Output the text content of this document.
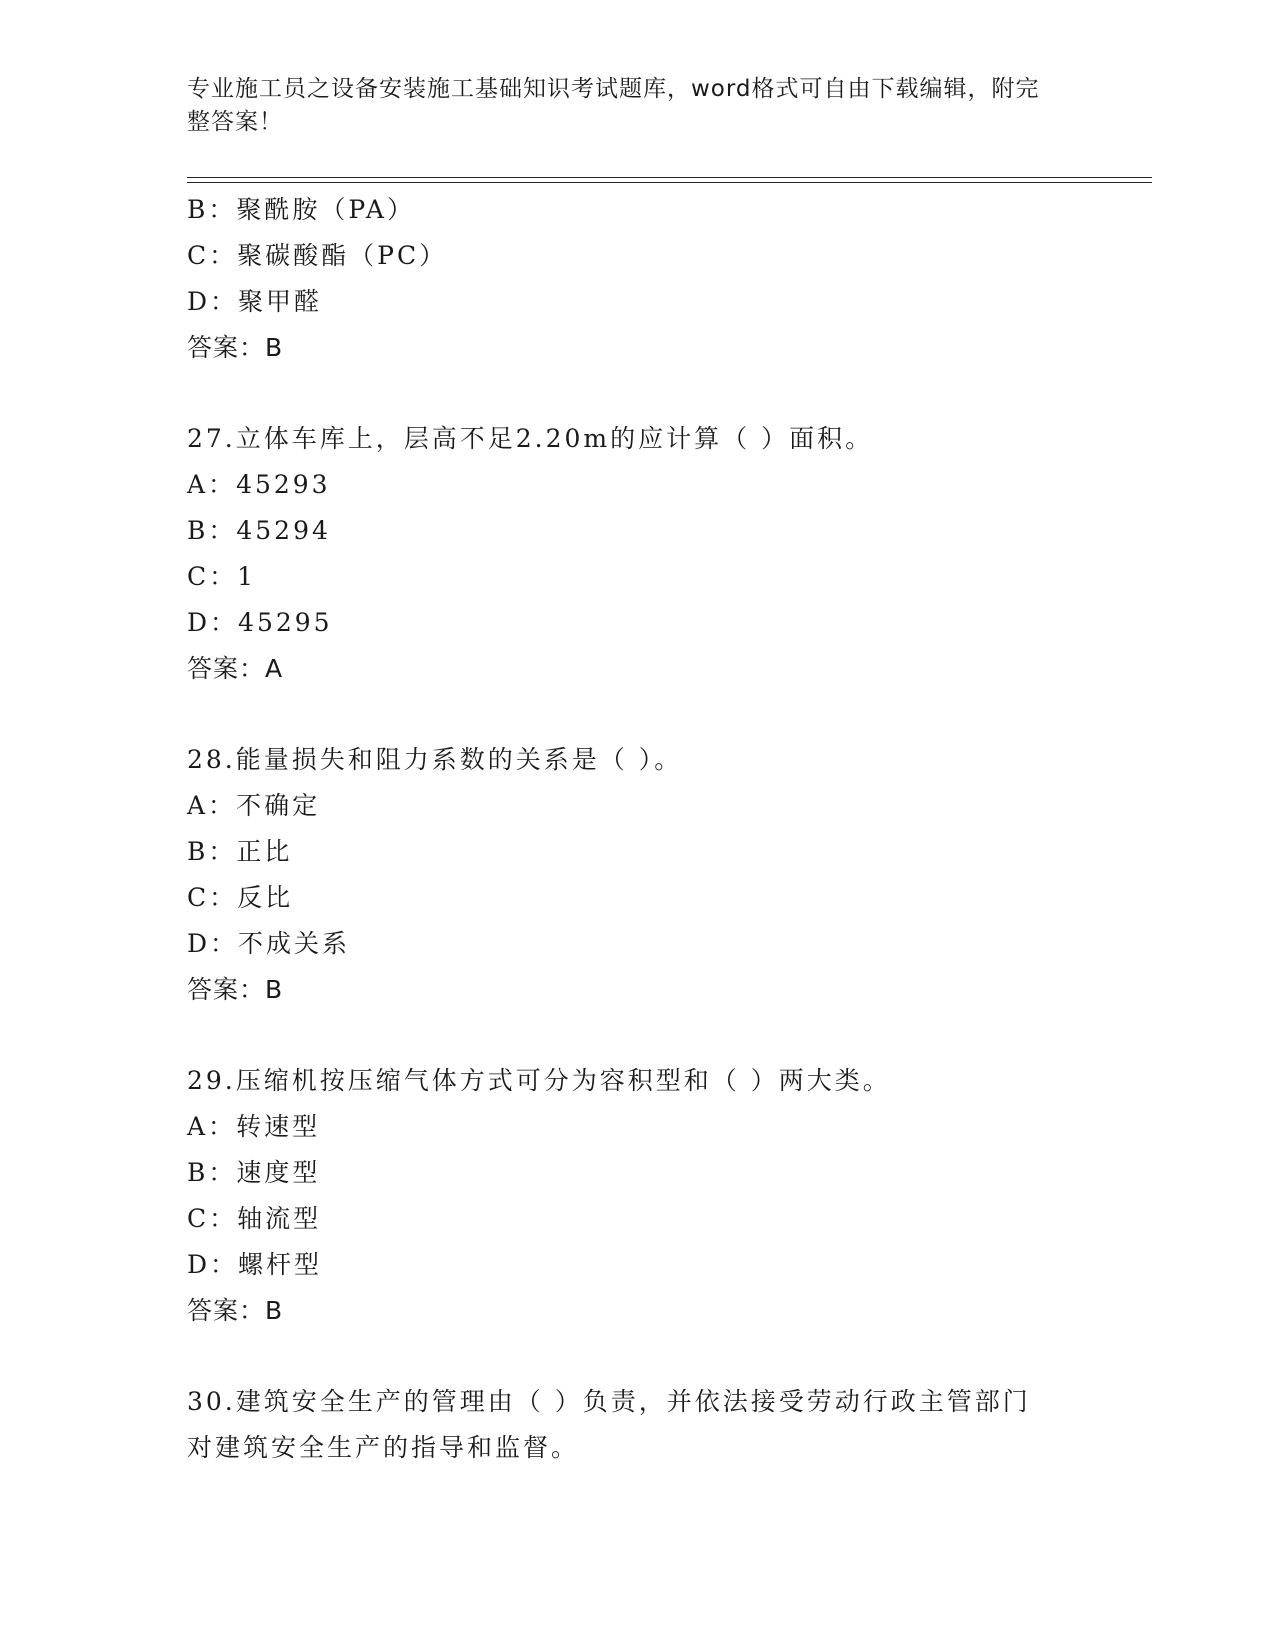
专业施工员之设备安装施工基础知识考试题库，word格式可自由下载编辑，附完
整答案！
B：聚酰胺（PA）
C：聚碳酸酯（PC）
D：聚甲醛
答案：B
27.立体车库上，层高不足2.20m的应计算（ ）面积。
A：45293
B：45294
C：1
D：45295
答案：A
28.能量损失和阻力系数的关系是（ ）。
A：不确定
B：正比
C：反比
D：不成关系
答案：B
29.压缩机按压缩气体方式可分为容积型和（ ）两大类。
A：转速型
B：速度型
C：轴流型
D：螺杆型
答案：B
30.建筑安全生产的管理由（ ）负责，并依法接受劳动行政主管部门
对建筑安全生产的指导和监督。
